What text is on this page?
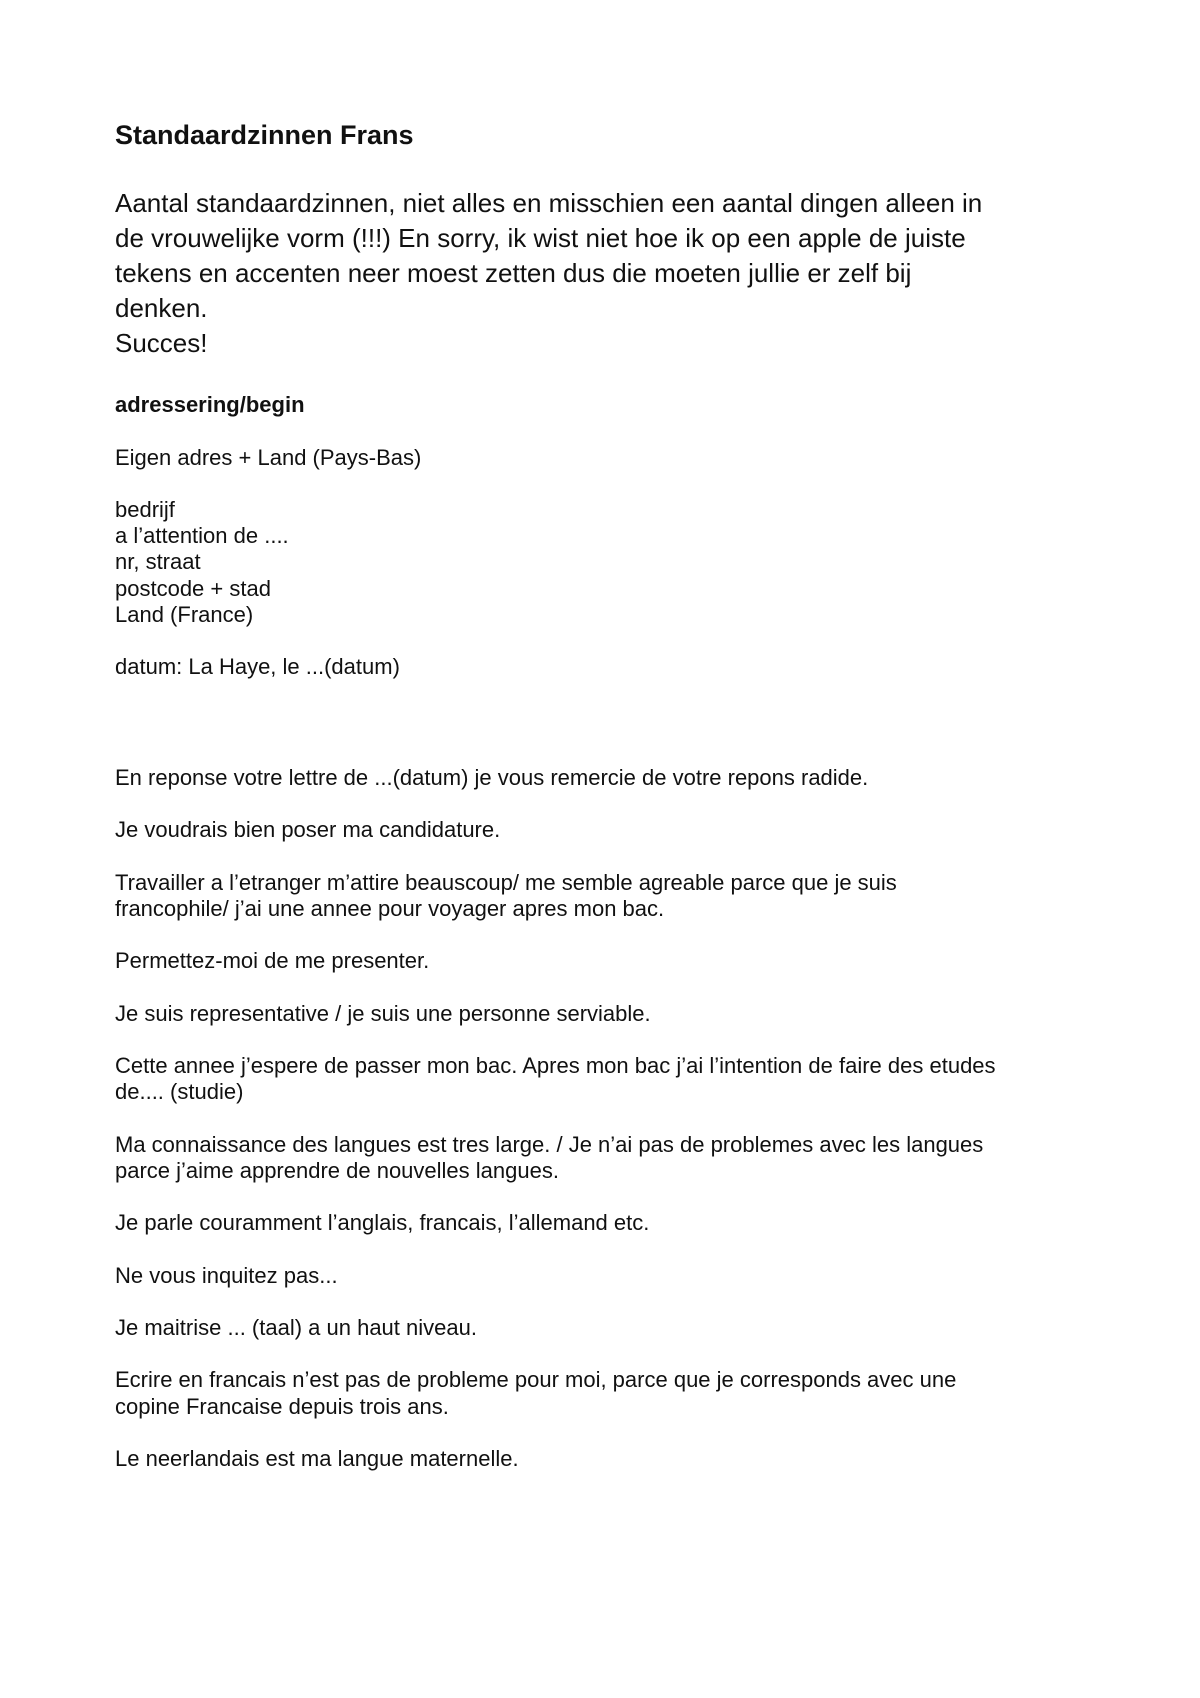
Standaardzinnen Frans
Aantal standaardzinnen, niet alles en misschien een aantal dingen alleen in
de vrouwelijke vorm (!!!) En sorry, ik wist niet hoe ik op een apple de juiste
tekens en accenten neer moest zetten dus die moeten jullie er zelf bij
denken.
Succes!
adressering/begin
Eigen adres + Land (Pays-Bas)
bedrijf
a l’attention de ....
nr, straat
postcode + stad
Land (France)
datum: La Haye, le ...(datum)
En reponse votre lettre de ...(datum) je vous remercie de votre repons radide.
Je voudrais bien poser ma candidature.
Travailler a l’etranger m’attire beauscoup/ me semble agreable parce que je suis
francophile/ j’ai une annee pour voyager apres mon bac.
Permettez-moi de me presenter.
Je suis representative / je suis une personne serviable.
Cette annee j’espere de passer mon bac. Apres mon bac j’ai l’intention de faire des etudes
de.... (studie)
Ma connaissance des langues est tres large. / Je n’ai pas de problemes avec les langues
parce j’aime apprendre de nouvelles langues.
Je parle couramment l’anglais, francais, l’allemand etc.
Ne vous inquitez pas...
Je maitrise ... (taal) a un haut niveau.
Ecrire en francais n’est pas de probleme pour moi, parce que je corresponds avec une
copine Francaise depuis trois ans.
Le neerlandais est ma langue maternelle.
